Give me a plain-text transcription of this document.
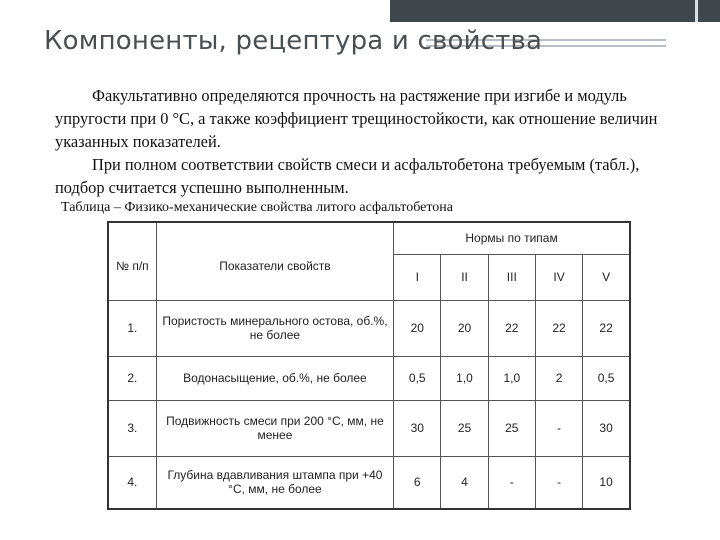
Компоненты, рецептура и свойства

Факультативно определяются прочность на растяжение при изгибе и модуль упругости при 0 °С, а также коэффициент трещиностойкости, как отношение величин указанных показателей.

При полном соответствии свойств смеси и асфальтобетона требуемым (табл.), подбор считается успешно выполненным.

Таблица – Физико-механические свойства литого асфальтобетона
№ п/п	Показатели свойств	Нормы по типам				
		I	II	III	IV	V
1.	Пористость минерального остова, об.%, не более	20	20	22	22	22
2.	Водонасыщение, об.%, не более	0,5	1,0	1,0	2	0,5
3.	Подвижность смеси при 200 °С, мм, не менее	30	25	25	-	30
4.	Глубина вдавливания штампа при +40 °С, мм, не более	6	4	-	-	10
